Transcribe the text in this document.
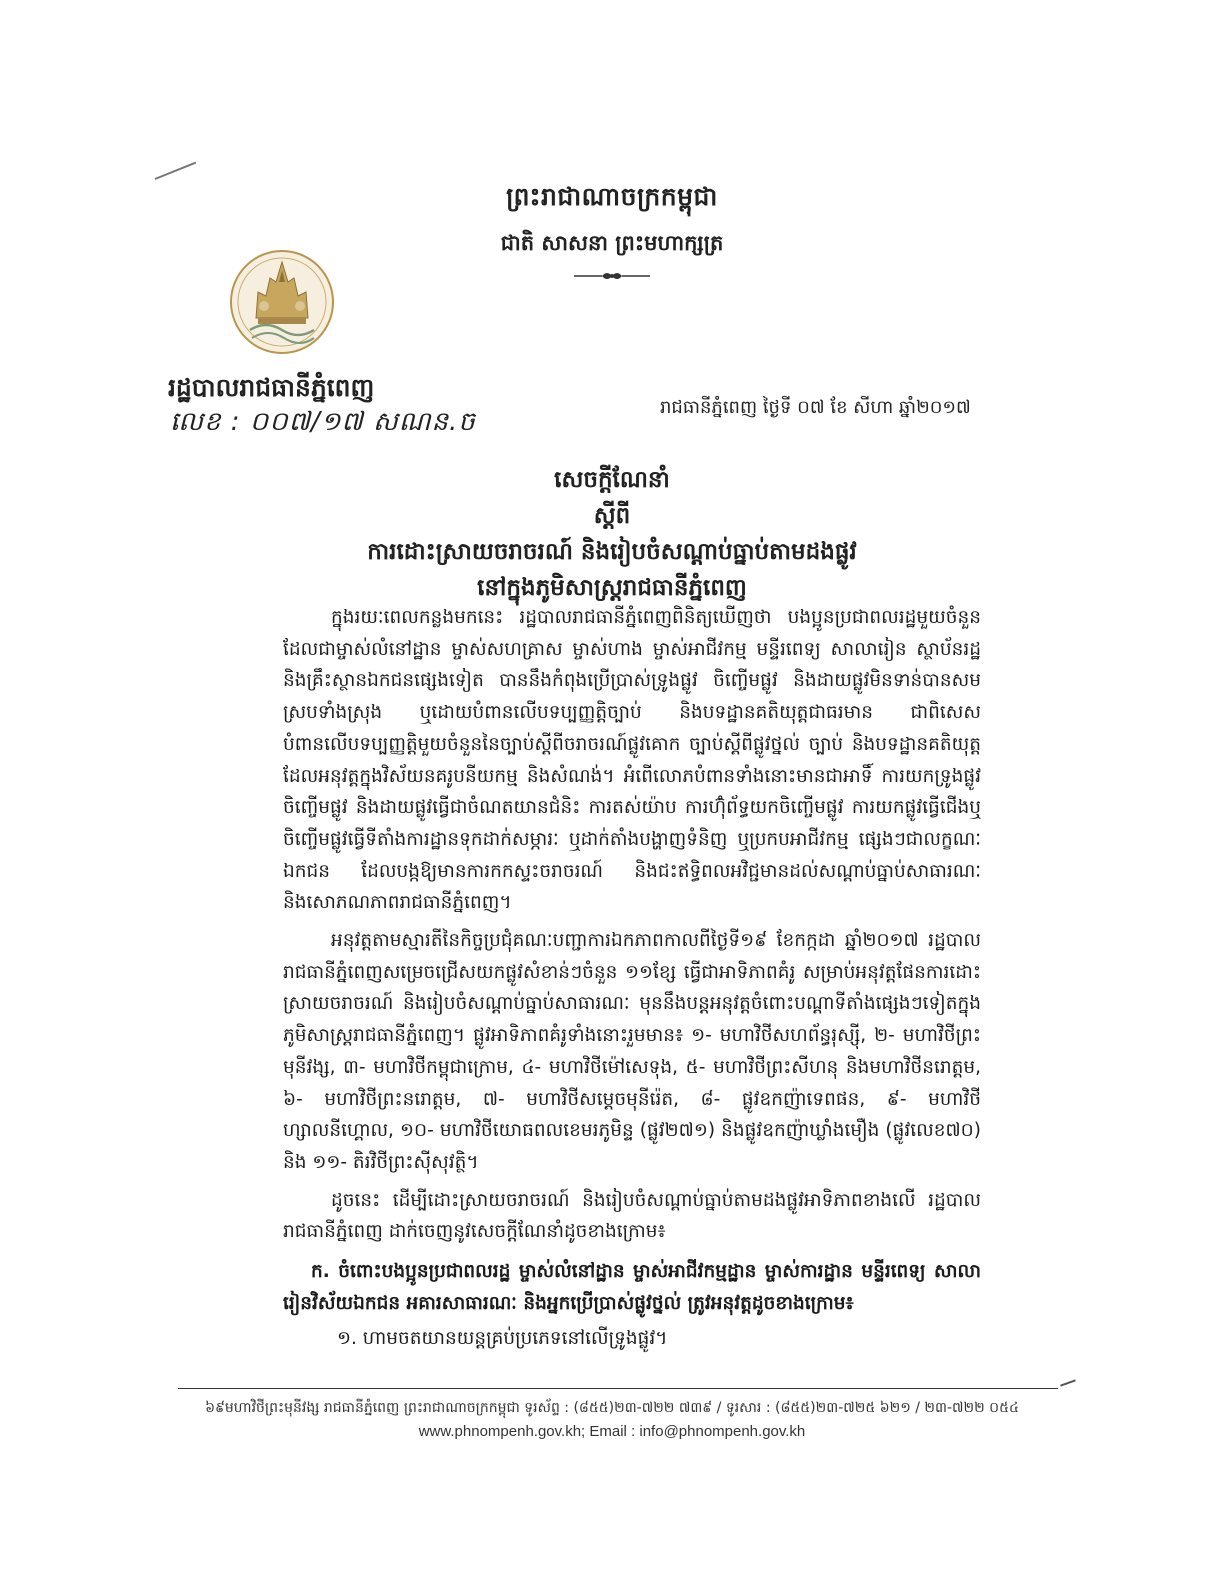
ព្រះរាជាណាចក្រកម្ពុជា
ជាតិ សាសនា ព្រះមហាក្សត្រ
រដ្ឋបាលរាជធានីភ្នំពេញ
លេខ : ០០៧/១៧ សណន.ច	រាជធានីភ្នំពេញ ថ្ងៃទី ០៧ ខែ សីហា ឆ្នាំ២០១៧
សេចក្តីណែនាំ
ស្តីពី
ការដោះស្រាយចរាចរណ៍ និងរៀបចំសណ្តាប់ធ្នាប់តាមដងផ្លូវ
នៅក្នុងភូមិសាស្ត្ររាជធានីភ្នំពេញ

ក្នុងរយៈពេលកន្លងមកនេះ រដ្ឋបាលរាជធានីភ្នំពេញពិនិត្យឃើញថា បងប្អូនប្រជាពលរដ្ឋមួយចំនួនដែលជាម្ចាស់លំនៅដ្ឋាន ម្ចាស់សហគ្រាស ម្ចាស់ហាង ម្ចាស់អាជីវកម្ម មន្ទីរពេទ្យ សាលារៀន ស្ថាប័នរដ្ឋ និងគ្រឹះស្ថានឯកជនផ្សេងទៀត បាននឹងកំពុងប្រើប្រាស់ទ្រូងផ្លូវ ចិញ្ចើមផ្លូវ និងដាយផ្លូវមិនទាន់បានសមស្របទាំងស្រុង ឬដោយបំពានលើបទប្បញ្ញត្តិច្បាប់ និងបទដ្ឋានគតិយុត្តជាធរមាន ជាពិសេសបំពានលើបទប្បញ្ញត្តិមួយចំនួននៃច្បាប់ស្តីពីចរាចរណ៍ផ្លូវគោក ច្បាប់ស្តីពីផ្លូវថ្នល់ ច្បាប់ និងបទដ្ឋានគតិយុត្តដែលអនុវត្តក្នុងវិស័យនគរូបនីយកម្ម និងសំណង់។ អំពើលោភបំពានទាំងនោះមានជាអាទិ៍ ការយកទ្រូងផ្លូវ ចិញ្ចើមផ្លូវ និងដាយផ្លូវធ្វើជាចំណតយានជំនិះ ការតស់យ៉ាប ការហ៊ុំព័ទ្ធយកចិញ្ចើមផ្លូវ ការយកផ្លូវធ្វើជើងឬចិញ្ចើមផ្លូវធ្វើទីតាំងការដ្ឋានទុកដាក់សម្ភារៈ ឬដាក់តាំងបង្ហាញទំនិញ ឬប្រកបអាជីវកម្ម ផ្សេងៗជាលក្ខណៈឯកជន ដែលបង្កឱ្យមានការកកស្ទះចរាចរណ៍ និងជះឥទ្ធិពលអវិជ្ជមានដល់សណ្តាប់ធ្នាប់សាធារណៈ និងសោភណភាពរាជធានីភ្នំពេញ។

អនុវត្តតាមស្មារតីនៃកិច្ចប្រជុំគណៈបញ្ជាការឯកភាពកាលពីថ្ងៃទី១៩ ខែកក្កដា ឆ្នាំ២០១៧ រដ្ឋបាលរាជធានីភ្នំពេញសម្រេចជ្រើសយកផ្លូវសំខាន់ៗចំនួន ១១ខ្សែ ធ្វើជាអាទិភាពគំរូ សម្រាប់អនុវត្តផែនការដោះស្រាយចរាចរណ៍ និងរៀបចំសណ្តាប់ធ្នាប់សាធារណៈ មុននឹងបន្តអនុវត្តចំពោះបណ្តាទីតាំងផ្សេងៗទៀតក្នុងភូមិសាស្ត្ររាជធានីភ្នំពេញ។ ផ្លូវអាទិភាពគំរូទាំងនោះរួមមាន៖ ១- មហាវិថីសហព័ន្ធរុស្ស៊ី, ២- មហាវិថីព្រះមុនីវង្ស, ៣- មហាវិថីកម្ពុជាក្រោម, ៤- មហាវិថីម៉ៅសេទុង, ៥- មហាវិថីព្រះសីហនុ និងមហាវិថីនរោត្តម, ៦- មហាវិថីព្រះនរោត្តម, ៧- មហាវិថីសម្តេចមុនីរ៉េត, ៨- ផ្លូវឧកញ៉ាទេពផន, ៩- មហាវិថីហ្សាលនីហ្គោល, ១០- មហាវិថីយោធពលខេមរភូមិន្ទ (ផ្លូវ២៧១) និងផ្លូវឧកញ៉ាឃ្លាំងមឿង (ផ្លូវលេខ៧០) និង ១១- តិរវិថីព្រះស៊ីសុវត្ថិ។

ដូចនេះ ដើម្បីដោះស្រាយចរាចរណ៍ និងរៀបចំសណ្តាប់ធ្នាប់តាមដងផ្លូវអាទិភាពខាងលើ រដ្ឋបាលរាជធានីភ្នំពេញ ដាក់ចេញនូវសេចក្តីណែនាំដូចខាងក្រោម៖

ក. ចំពោះបងប្អូនប្រជាពលរដ្ឋ ម្ចាស់លំនៅដ្ឋាន ម្ចាស់អាជីវកម្មដ្ឋាន ម្ចាស់ការដ្ឋាន មន្ទីរពេទ្យ សាលារៀនវិស័យឯកជន អគារសាធារណៈ និងអ្នកប្រើប្រាស់ផ្លូវថ្នល់ ត្រូវអនុវត្តដូចខាងក្រោម៖

១. ហាមចតយានយន្តគ្រប់ប្រភេទនៅលើទ្រូងផ្លូវ។

៦៩មហាវិថីព្រះមុនីវង្ស រាជធានីភ្នំពេញ ព្រះរាជាណាចក្រកម្ពុជា ទូរស័ព្ទ : (៨៥៥)២៣-៧២២ ៧៣៩ / ទូរសារ : (៨៥៥)២៣-៧២៥ ៦២១ / ២៣-៧២២ ០៥៤
www.phnompenh.gov.kh; Email : info@phnompenh.gov.kh
